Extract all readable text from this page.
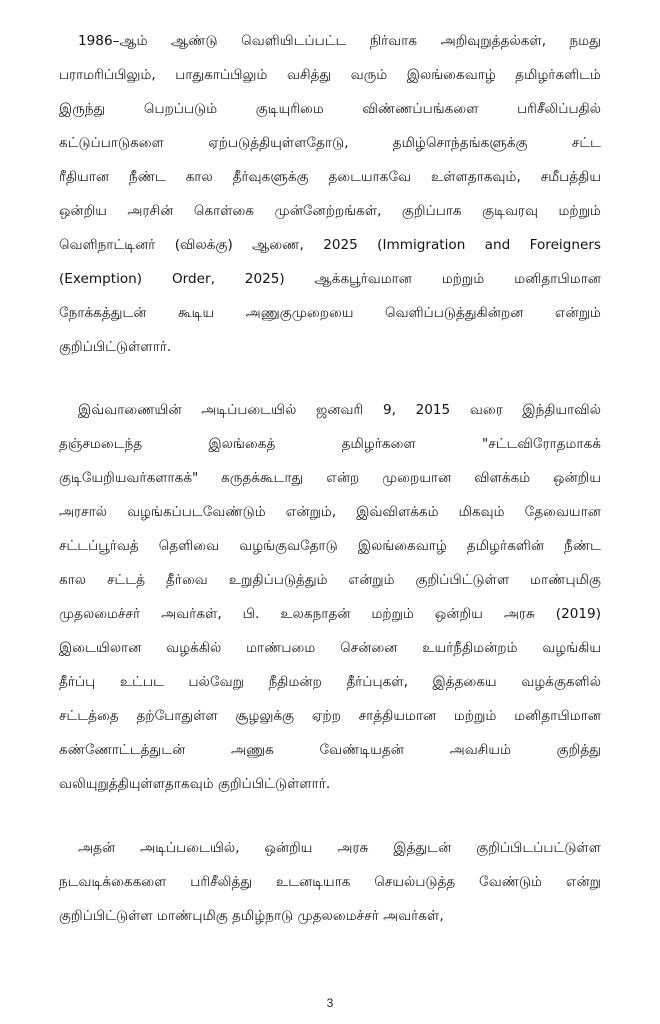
1986–ஆம் ஆண்டு வெளியிடப்பட்ட நிர்வாக அறிவுறுத்தல்கள், நமது
பராமரிப்பிலும், பாதுகாப்பிலும் வசித்து வரும் இலங்கைவாழ் தமிழர்களிடம்
இருந்து பெறப்படும் குடியுரிமை விண்ணப்பங்களை பரிசீலிப்பதில்
கட்டுப்பாடுகளை ஏற்படுத்தியுள்ளதோடு, தமிழ்சொந்தங்களுக்கு சட்ட
ரீதியான நீண்ட கால தீர்வுகளுக்கு தடையாகவே உள்ளதாகவும், சமீபத்திய
ஒன்றிய அரசின் கொள்கை முன்னேற்றங்கள், குறிப்பாக குடிவரவு மற்றும்
வெளிநாட்டினர் (விலக்கு) ஆணை, 2025 (Immigration and Foreigners
(Exemption) Order, 2025) ஆக்கபூர்வமான மற்றும் மனிதாபிமான
நோக்கத்துடன் கூடிய அணுகுமுறையை வெளிப்படுத்துகின்றன என்றும்
குறிப்பிட்டுள்ளார்.
இவ்வாணையின் அடிப்படையில் ஜனவரி 9, 2015 வரை இந்தியாவில்
தஞ்சமடைந்த இலங்கைத் தமிழர்களை "சட்டவிரோதமாகக்
குடியேறியவர்களாகக்" கருதக்கூடாது என்ற முறையான விளக்கம் ஒன்றிய
அரசால் வழங்கப்படவேண்டும் என்றும், இவ்விளக்கம் மிகவும் தேவையான
சட்டப்பூர்வத் தெளிவை வழங்குவதோடு இலங்கைவாழ் தமிழர்களின் நீண்ட
கால சட்டத் தீர்வை உறுதிப்படுத்தும் என்றும் குறிப்பிட்டுள்ள மாண்புமிகு
முதலமைச்சர் அவர்கள், பி. உலகநாதன் மற்றும் ஒன்றிய அரசு (2019)
இடையிலான வழக்கில் மாண்பமை சென்னை உயர்நீதிமன்றம் வழங்கிய
தீர்ப்பு உட்பட பல்வேறு நீதிமன்ற தீர்ப்புகள், இத்தகைய வழக்குகளில்
சட்டத்தை தற்போதுள்ள சூழலுக்கு ஏற்ற சாத்தியமான மற்றும் மனிதாபிமான
கண்ணோட்டத்துடன் அணுக வேண்டியதன் அவசியம் குறித்து
வலியுறுத்தியுள்ளதாகவும் குறிப்பிட்டுள்ளார்.
அதன் அடிப்படையில், ஒன்றிய அரசு இத்துடன் குறிப்பிடப்பட்டுள்ள
நடவடிக்கைகளை பரிசீலித்து உடனடியாக செயல்படுத்த வேண்டும் என்று
குறிப்பிட்டுள்ள மாண்புமிகு தமிழ்நாடு முதலமைச்சர் அவர்கள்,
3
